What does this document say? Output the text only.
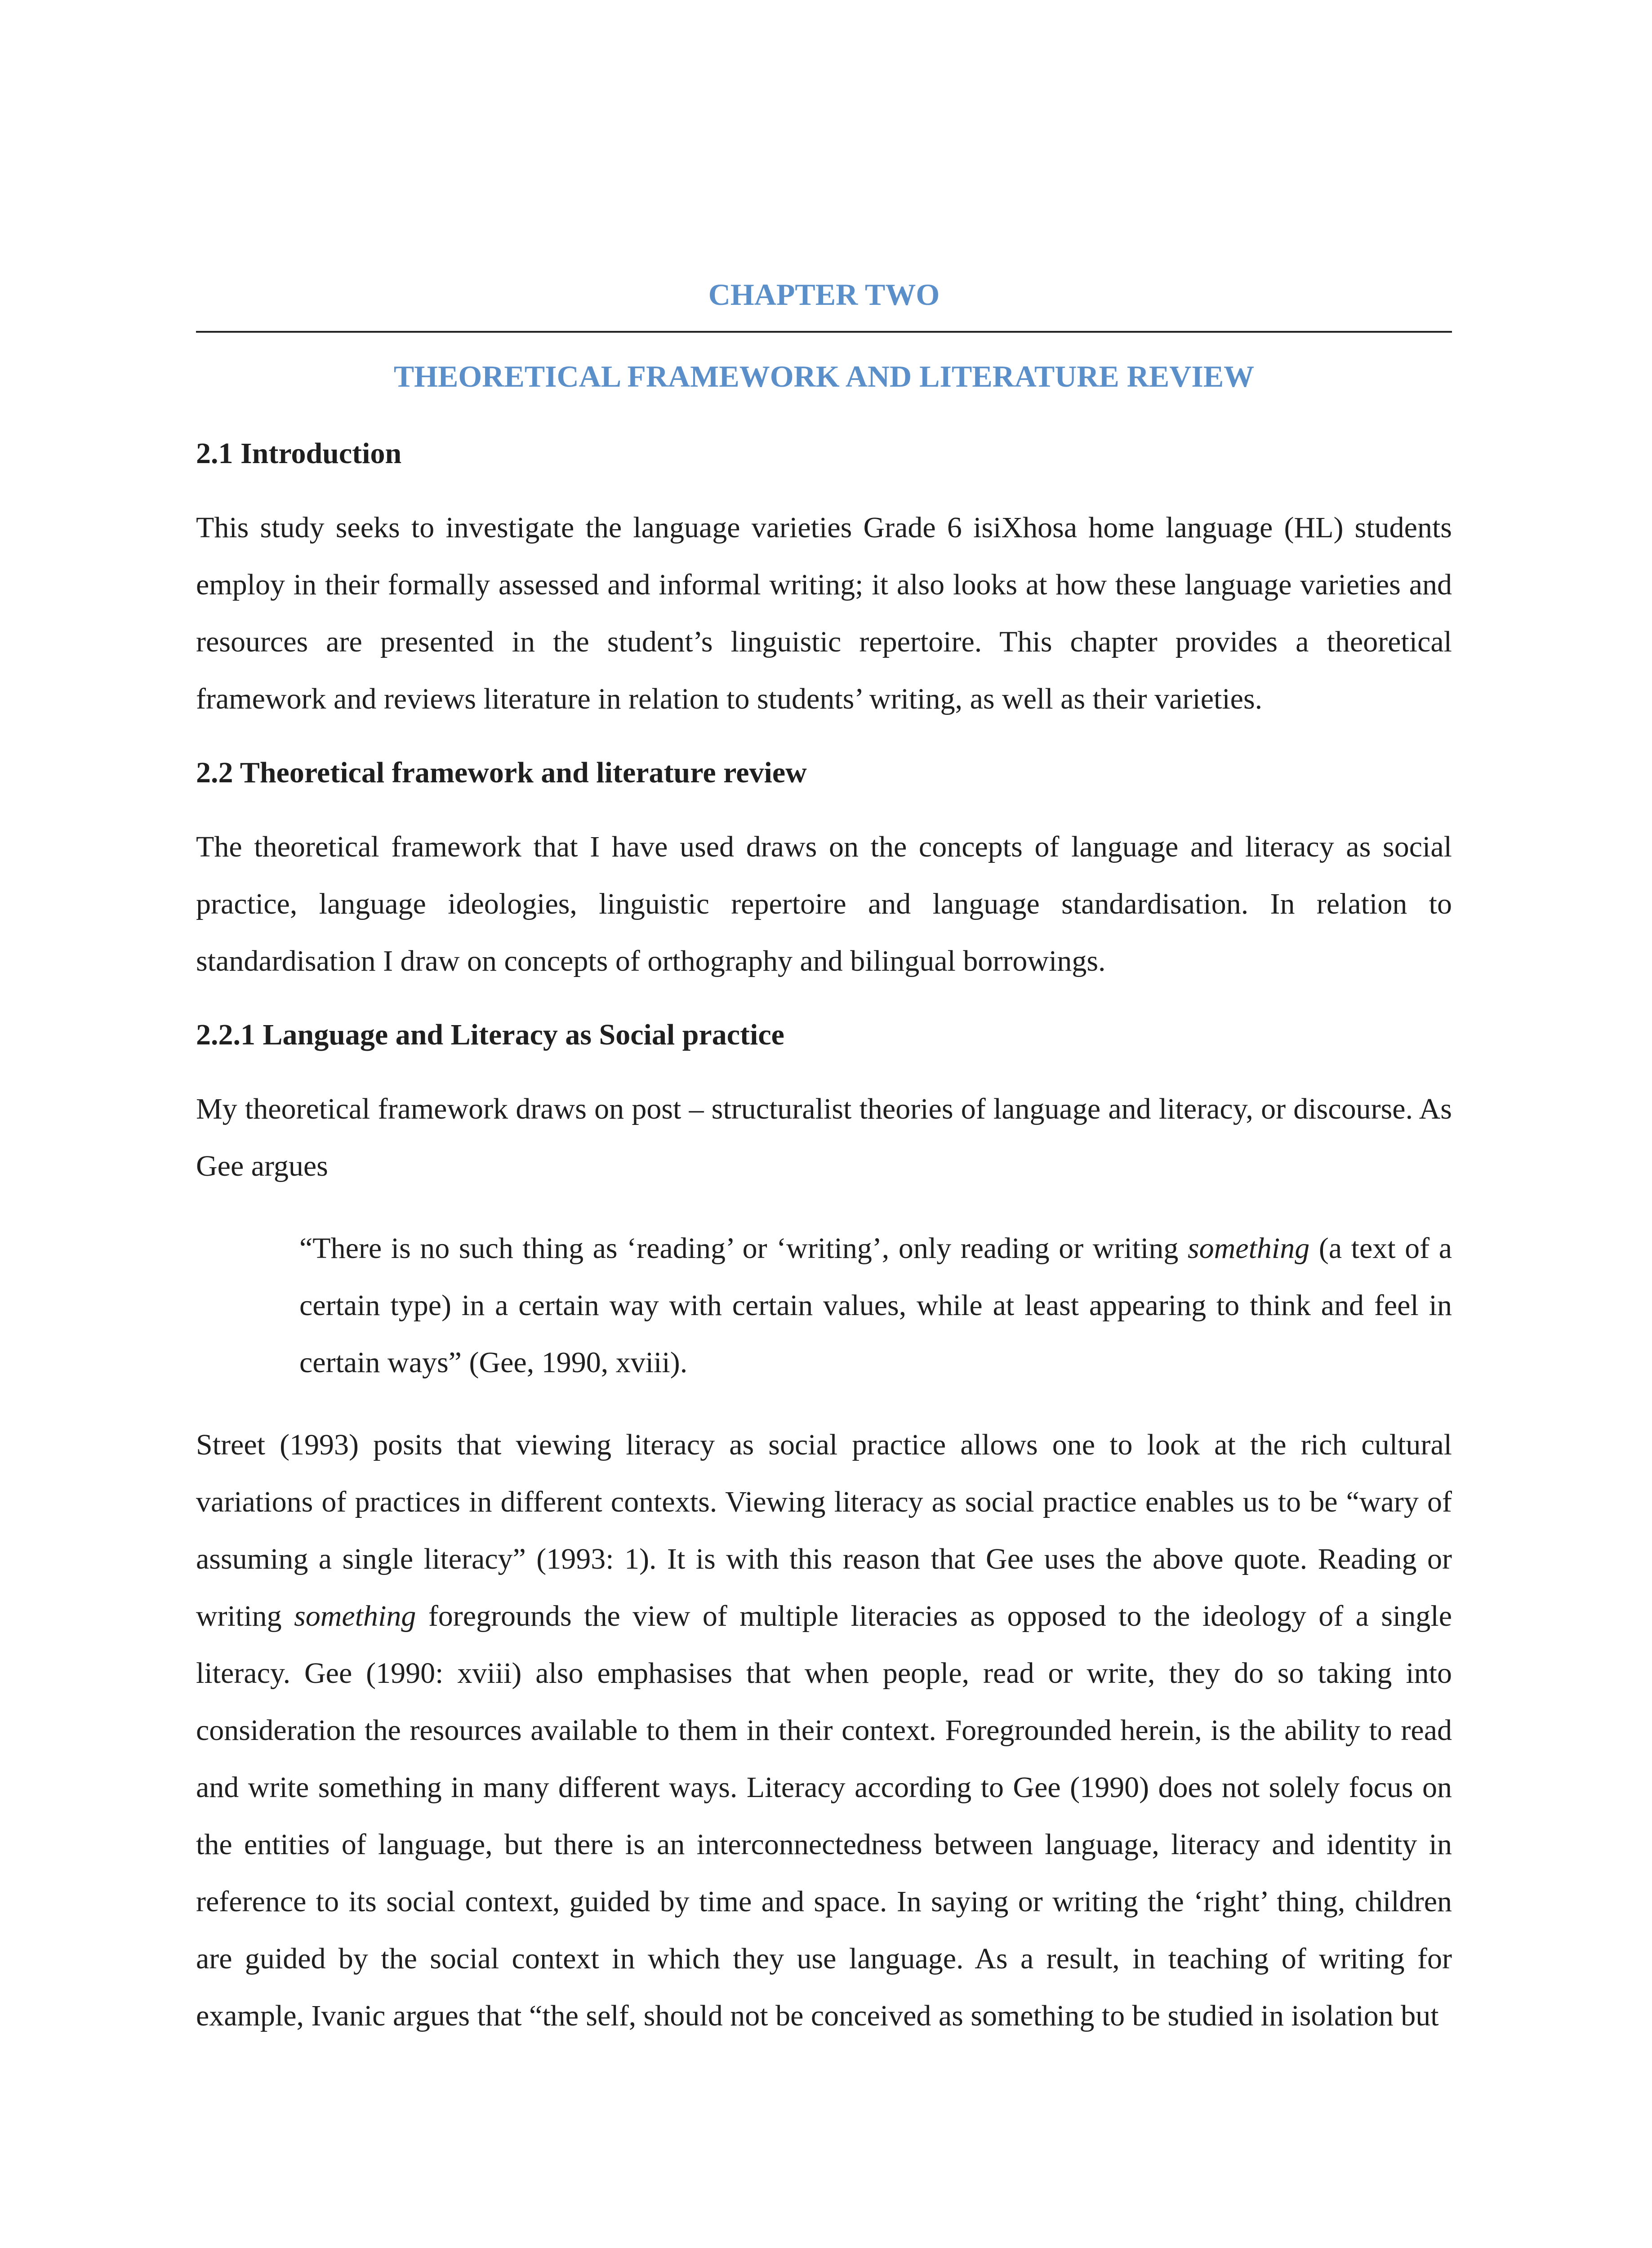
CHAPTER TWO
THEORETICAL FRAMEWORK AND LITERATURE REVIEW
2.1 Introduction

This study seeks to investigate the language varieties Grade 6 isiXhosa home language (HL) students employ in their formally assessed and informal writing; it also looks at how these language varieties and resources are presented in the student’s linguistic repertoire. This chapter provides a theoretical framework and reviews literature in relation to students’ writing, as well as their varieties.

2.2 Theoretical framework and literature review

The theoretical framework that I have used draws on the concepts of language and literacy as social practice, language ideologies, linguistic repertoire and language standardisation. In relation to standardisation I draw on concepts of orthography and bilingual borrowings.

2.2.1 Language and Literacy as Social practice

My theoretical framework draws on post – structuralist theories of language and literacy, or discourse. As Gee argues

“There is no such thing as ‘reading’ or ‘writing’, only reading or writing something (a text of a certain type) in a certain way with certain values, while at least appearing to think and feel in certain ways” (Gee, 1990, xviii).

Street (1993) posits that viewing literacy as social practice allows one to look at the rich cultural variations of practices in different contexts. Viewing literacy as social practice enables us to be “wary of assuming a single literacy” (1993: 1). It is with this reason that Gee uses the above quote. Reading or writing something foregrounds the view of multiple literacies as opposed to the ideology of a single literacy. Gee (1990: xviii) also emphasises that when people, read or write, they do so taking into consideration the resources available to them in their context. Foregrounded herein, is the ability to read and write something in many different ways. Literacy according to Gee (1990) does not solely focus on the entities of language, but there is an interconnectedness between language, literacy and identity in reference to its social context, guided by time and space. In saying or writing the ‘right’ thing, children are guided by the social context in which they use language. As a result, in teaching of writing for example, Ivanic argues that “the self, should not be conceived as something to be studied in isolation but
